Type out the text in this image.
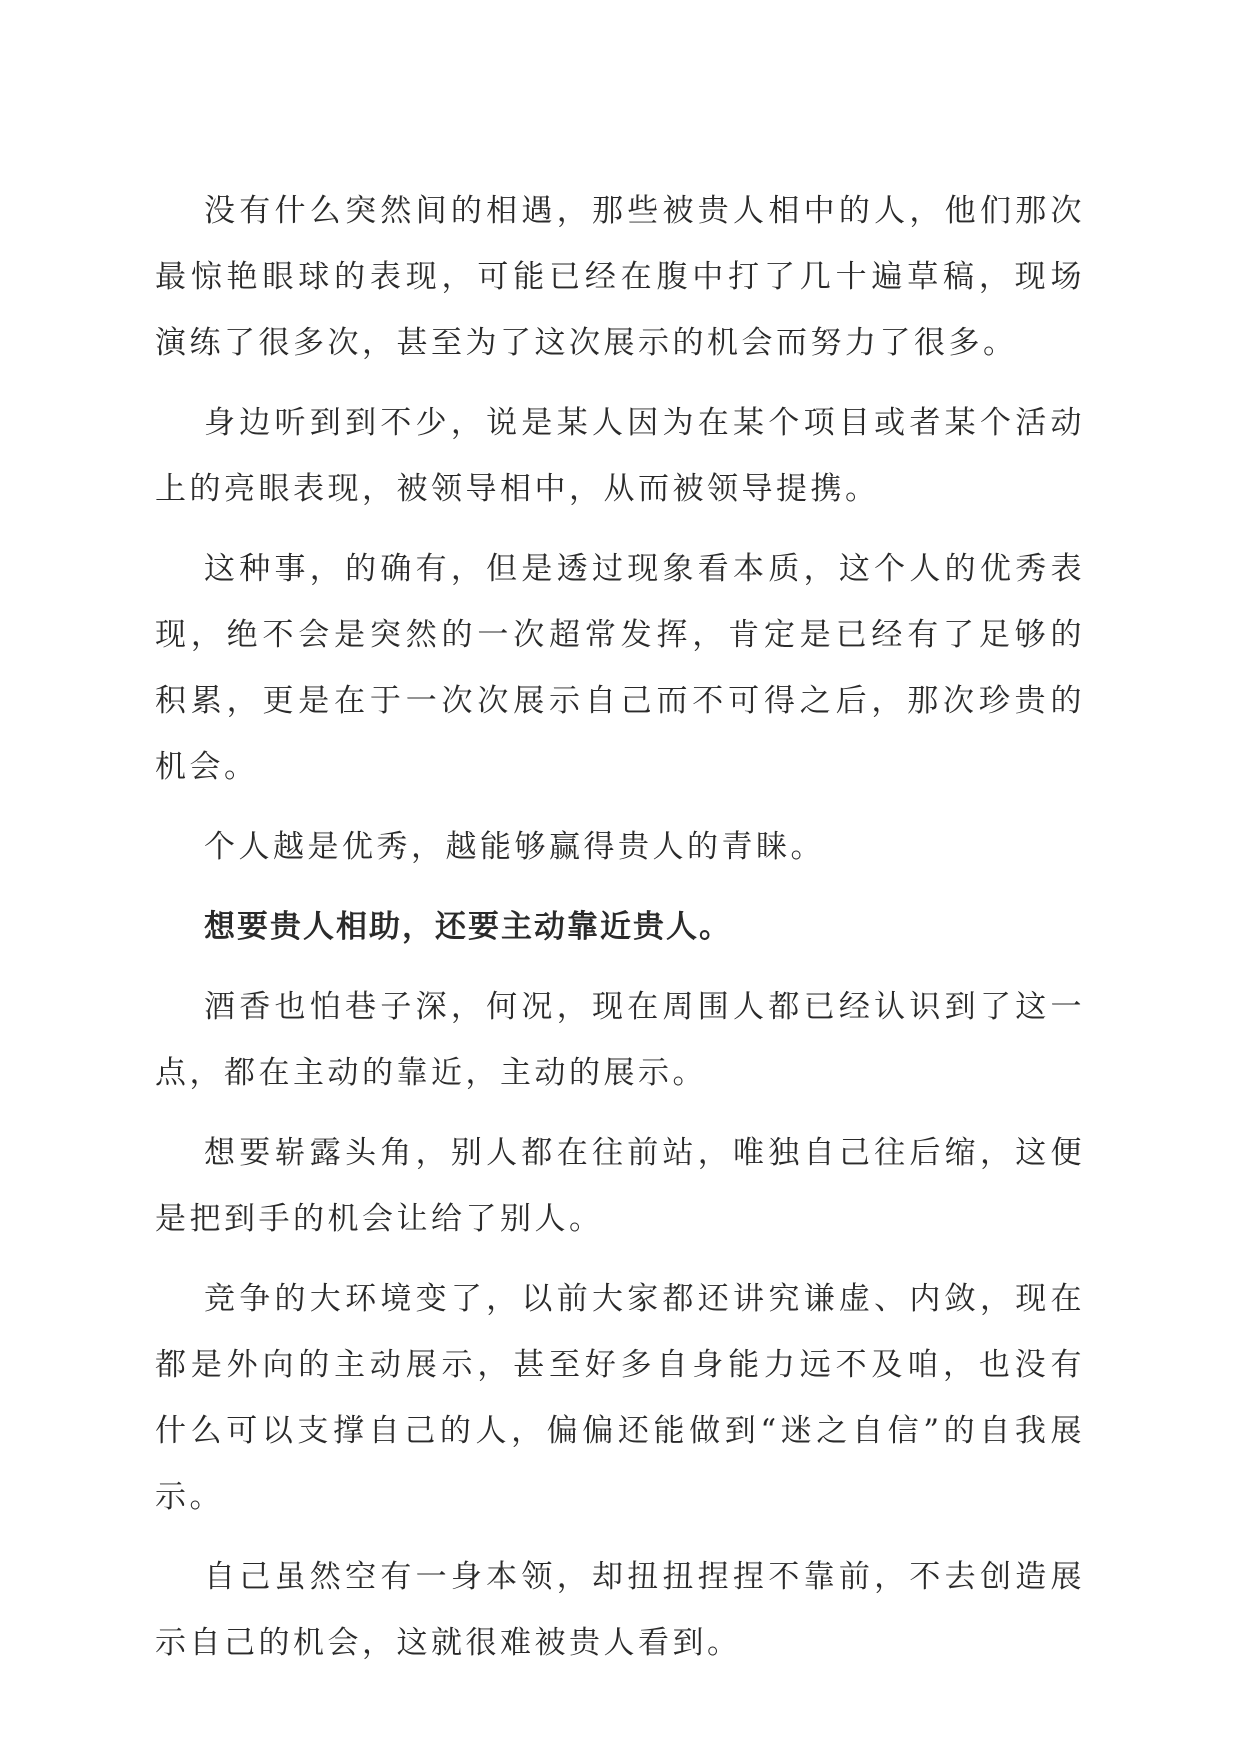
没有什么突然间的相遇，那些被贵人相中的人，他们那次最惊艳眼球的表现，可能已经在腹中打了几十遍草稿，现场演练了很多次，甚至为了这次展示的机会而努力了很多。

身边听到到不少，说是某人因为在某个项目或者某个活动上的亮眼表现，被领导相中，从而被领导提携。

这种事，的确有，但是透过现象看本质，这个人的优秀表现，绝不会是突然的一次超常发挥，肯定是已经有了足够的积累，更是在于一次次展示自己而不可得之后，那次珍贵的机会。

个人越是优秀，越能够赢得贵人的青睐。

想要贵人相助，还要主动靠近贵人。

酒香也怕巷子深，何况，现在周围人都已经认识到了这一点，都在主动的靠近，主动的展示。

想要崭露头角，别人都在往前站，唯独自己往后缩，这便是把到手的机会让给了别人。

竞争的大环境变了，以前大家都还讲究谦虚、内敛，现在都是外向的主动展示，甚至好多自身能力远不及咱，也没有什么可以支撑自己的人，偏偏还能做到“迷之自信”的自我展示。

自己虽然空有一身本领，却扭扭捏捏不靠前，不去创造展示自己的机会，这就很难被贵人看到。
